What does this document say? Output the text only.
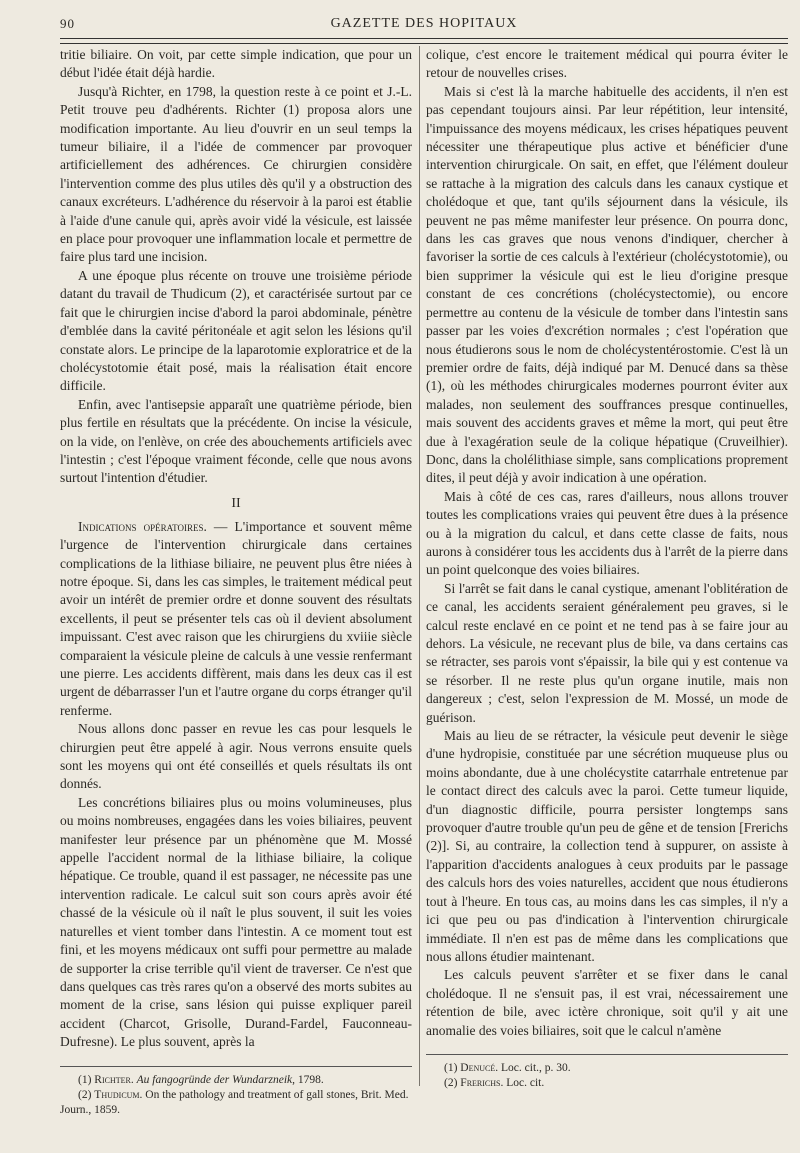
90	GAZETTE DES HOPITAUX

tritie biliaire. On voit, par cette simple indication, que pour un début l'idée était déjà hardie.

Jusqu'à Richter, en 1798, la question reste à ce point et J.-L. Petit trouve peu d'adhérents. Richter (1) proposa alors une modification importante. Au lieu d'ouvrir en un seul temps la tumeur biliaire, il a l'idée de commencer par provoquer artificiellement des adhérences. Ce chirurgien considère l'intervention comme des plus utiles dès qu'il y a obstruction des canaux excréteurs. L'adhérence du réservoir à la paroi est établie à l'aide d'une canule qui, après avoir vidé la vésicule, est laissée en place pour provoquer une inflammation locale et permettre de faire plus tard une incision.

A une époque plus récente on trouve une troisième période datant du travail de Thudicum (2), et caractérisée surtout par ce fait que le chirurgien incise d'abord la paroi abdominale, pénètre d'emblée dans la cavité péritonéale et agit selon les lésions qu'il constate alors. Le principe de la laparotomie exploratrice et de la cholécystotomie était posé, mais la réalisation était encore difficile.

Enfin, avec l'antisepsie apparaît une quatrième période, bien plus fertile en résultats que la précédente. On incise la vésicule, on la vide, on l'enlève, on crée des abouchements artificiels avec l'intestin ; c'est l'époque vraiment féconde, celle que nous avons surtout l'intention d'étudier.

II

Indications opératoires. — L'importance et souvent même l'urgence de l'intervention chirurgicale dans certaines complications de la lithiase biliaire, ne peuvent plus être niées à notre époque. Si, dans les cas simples, le traitement médical peut avoir un intérêt de premier ordre et donne souvent des résultats excellents, il peut se présenter tels cas où il devient absolument impuissant. C'est avec raison que les chirurgiens du xviiie siècle comparaient la vésicule pleine de calculs à une vessie renfermant une pierre. Les accidents diffèrent, mais dans les deux cas il est urgent de débarrasser l'un et l'autre organe du corps étranger qu'il renferme.

Nous allons donc passer en revue les cas pour lesquels le chirurgien peut être appelé à agir. Nous verrons ensuite quels sont les moyens qui ont été conseillés et quels résultats ils ont donnés.

Les concrétions biliaires plus ou moins volumineuses, plus ou moins nombreuses, engagées dans les voies biliaires, peuvent manifester leur présence par un phénomène que M. Mossé appelle l'accident normal de la lithiase biliaire, la colique hépatique. Ce trouble, quand il est passager, ne nécessite pas une intervention radicale. Le calcul suit son cours après avoir été chassé de la vésicule où il naît le plus souvent, il suit les voies naturelles et vient tomber dans l'intestin. A ce moment tout est fini, et les moyens médicaux ont suffi pour permettre au malade de supporter la crise terrible qu'il vient de traverser. Ce n'est que dans quelques cas très rares qu'on a observé des morts subites au moment de la crise, sans lésion qui puisse expliquer pareil accident (Charcot, Grisolle, Durand-Fardel, Fauconneau-Dufresne). Le plus souvent, après la

(1) Richter. Au fangogründe der Wundarzneik, 1798.

(2) Thudicum. On the pathology and treatment of gall stones, Brit. Med. Journ., 1859.

colique, c'est encore le traitement médical qui pourra éviter le retour de nouvelles crises.

Mais si c'est là la marche habituelle des accidents, il n'en est pas cependant toujours ainsi. Par leur répétition, leur intensité, l'impuissance des moyens médicaux, les crises hépatiques peuvent nécessiter une thérapeutique plus active et bénéficier d'une intervention chirurgicale. On sait, en effet, que l'élément douleur se rattache à la migration des calculs dans les canaux cystique et cholédoque et que, tant qu'ils séjournent dans la vésicule, ils peuvent ne pas même manifester leur présence. On pourra donc, dans les cas graves que nous venons d'indiquer, chercher à favoriser la sortie de ces calculs à l'extérieur (cholécystotomie), ou bien supprimer la vésicule qui est le lieu d'origine presque constant de ces concrétions (cholécystectomie), ou encore permettre au contenu de la vésicule de tomber dans l'intestin sans passer par les voies d'excrétion normales ; c'est l'opération que nous étudierons sous le nom de cholécystentérostomie. C'est là un premier ordre de faits, déjà indiqué par M. Denucé dans sa thèse (1), où les méthodes chirurgicales modernes pourront éviter aux malades, non seulement des souffrances presque continuelles, mais souvent des accidents graves et même la mort, qui peut être due à l'exagération seule de la colique hépatique (Cruveilhier). Donc, dans la cholélithiase simple, sans complications proprement dites, il peut déjà y avoir indication à une opération.

Mais à côté de ces cas, rares d'ailleurs, nous allons trouver toutes les complications vraies qui peuvent être dues à la présence ou à la migration du calcul, et dans cette classe de faits, nous aurons à considérer tous les accidents dus à l'arrêt de la pierre dans un point quelconque des voies biliaires.

Si l'arrêt se fait dans le canal cystique, amenant l'oblitération de ce canal, les accidents seraient généralement peu graves, si le calcul reste enclavé en ce point et ne tend pas à se faire jour au dehors. La vésicule, ne recevant plus de bile, va dans certains cas se rétracter, ses parois vont s'épaissir, la bile qui y est contenue va se résorber. Il ne reste plus qu'un organe inutile, mais non dangereux ; c'est, selon l'expression de M. Mossé, un mode de guérison.

Mais au lieu de se rétracter, la vésicule peut devenir le siège d'une hydropisie, constituée par une sécrétion muqueuse plus ou moins abondante, due à une cholécystite catarrhale entretenue par le contact direct des calculs avec la paroi. Cette tumeur liquide, d'un diagnostic difficile, pourra persister longtemps sans provoquer d'autre trouble qu'un peu de gêne et de tension [Frerichs (2)]. Si, au contraire, la collection tend à suppurer, on assiste à l'apparition d'accidents analogues à ceux produits par le passage des calculs hors des voies naturelles, accident que nous étudierons tout à l'heure. En tous cas, au moins dans les cas simples, il n'y a ici que peu ou pas d'indication à l'intervention chirurgicale immédiate. Il n'en est pas de même dans les complications que nous allons étudier maintenant.

Les calculs peuvent s'arrêter et se fixer dans le canal cholédoque. Il ne s'ensuit pas, il est vrai, nécessairement une rétention de bile, avec ictère chronique, soit qu'il y ait une anomalie des voies biliaires, soit que le calcul n'amène

(1) Denucé. Loc. cit., p. 30.

(2) Frerichs. Loc. cit.
